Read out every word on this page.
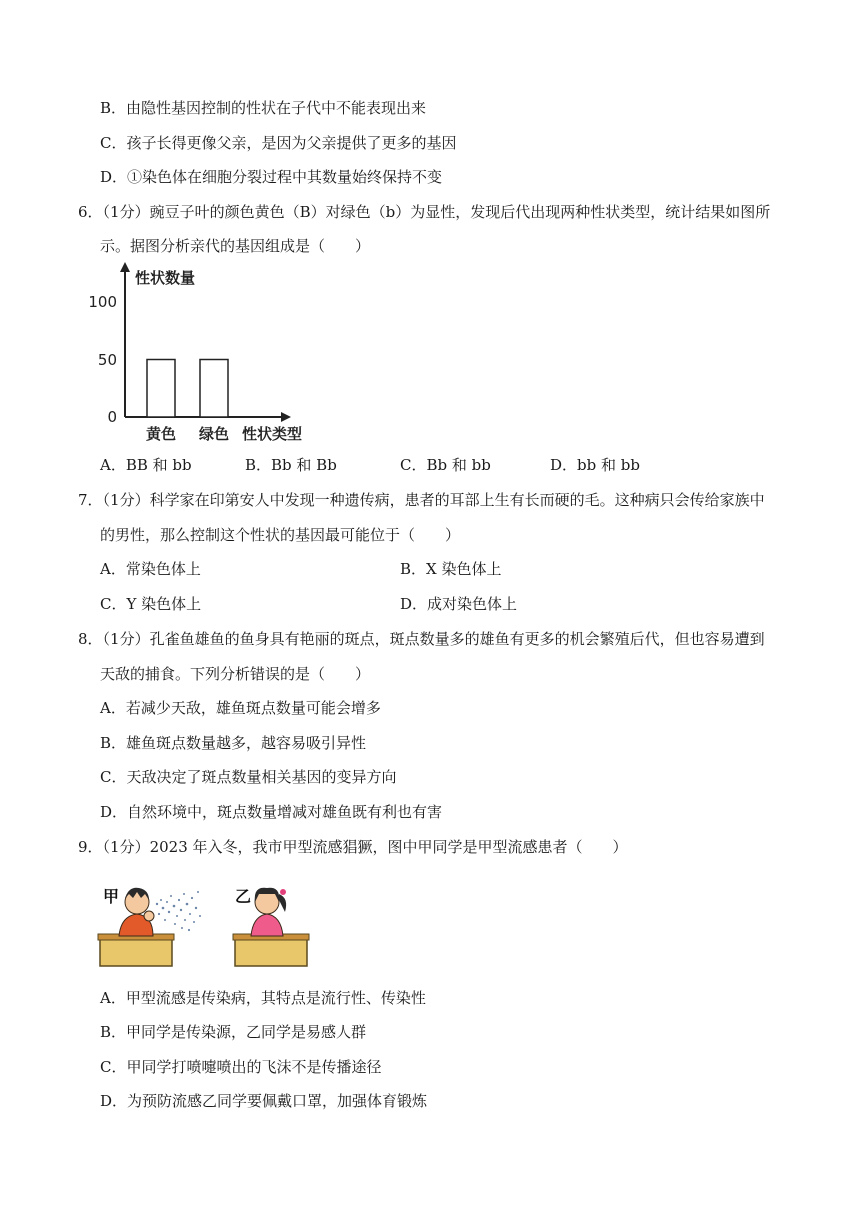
B．由隐性基因控制的性状在子代中不能表现出来
C．孩子长得更像父亲，是因为父亲提供了更多的基因
D．①染色体在细胞分裂过程中其数量始终保持不变
6．（1分）豌豆子叶的颜色黄色（B）对绿色（b）为显性，发现后代出现两种性状类型，统计结果如图所
示。据图分析亲代的基因组成是（　　）
0
50
100
性状数量
性状类型
黄色 绿色
A．BB 和 bb	B．Bb 和 Bb	C．Bb 和 bb	D．bb 和 bb
7．（1分）科学家在印第安人中发现一种遗传病，患者的耳部上生有长而硬的毛。这种病只会传给家族中
的男性，那么控制这个性状的基因最可能位于（　　）
A．常染色体上	B．X 染色体上
C．Y 染色体上	D．成对染色体上
8．（1分）孔雀鱼雄鱼的鱼身具有艳丽的斑点，斑点数量多的雄鱼有更多的机会繁殖后代，但也容易遭到
天敌的捕食。下列分析错误的是（　　）
A．若减少天敌，雄鱼斑点数量可能会增多
B．雄鱼斑点数量越多，越容易吸引异性
C．天敌决定了斑点数量相关基因的变异方向
D．自然环境中，斑点数量增减对雄鱼既有利也有害
9．（1分）2023 年入冬，我市甲型流感猖獗，图中甲同学是甲型流感患者（　　）
甲	乙
A．甲型流感是传染病，其特点是流行性、传染性
B．甲同学是传染源，乙同学是易感人群
C．甲同学打喷嚏喷出的飞沫不是传播途径
D．为预防流感乙同学要佩戴口罩，加强体育锻炼
